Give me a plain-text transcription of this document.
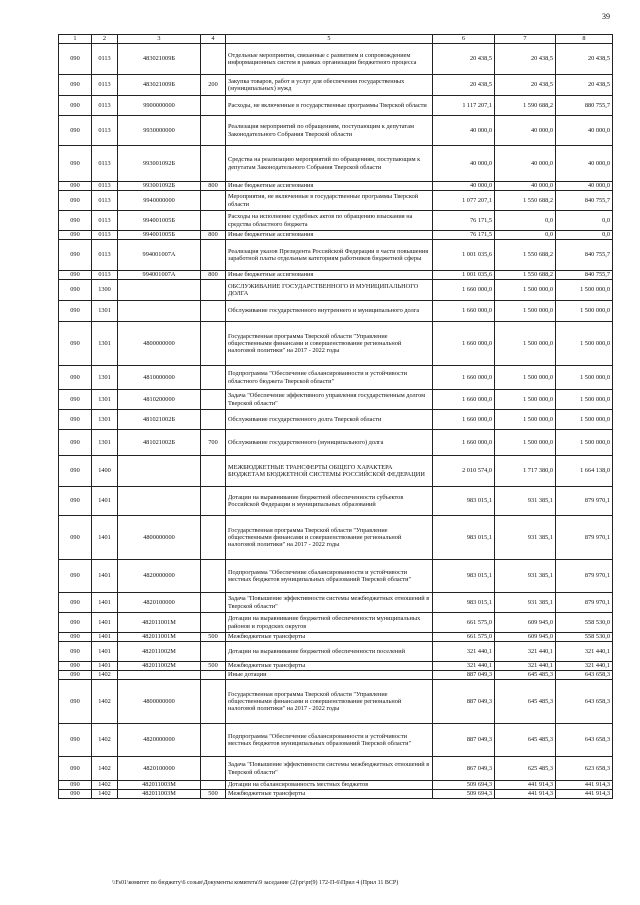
39
1	2	3	4	5	6	7	8
090	0113	483021009Б		Отдельные мероприятия, связанные с развитием и сопровождением информационных систем в рамках организации бюджетного процесса	20 438,5	20 438,5	20 438,5
090	0113	483021009Б	200	Закупка товаров, работ и услуг для обеспечения государственных (муниципальных) нужд	20 438,5	20 438,5	20 438,5
090	0113	9900000000		Расходы, не включенные в государственные программы Тверской области	1 117 207,1	1 590 688,2	880 755,7
090	0113	9930000000		Реализация мероприятий по обращениям, поступающим к депутатам Законодательного Собрания Тверской области	40 000,0	40 000,0	40 000,0
090	0113	993001092Б		Средства на реализацию мероприятий по обращениям, поступающим к депутатам Законодательного Собрания Тверской области	40 000,0	40 000,0	40 000,0
090	0113	993001092Б	800	Иные бюджетные ассигнования	40 000,0	40 000,0	40 000,0
090	0113	9940000000		Мероприятия, не включенные в государственные программы Тверской области	1 077 207,1	1 550 688,2	840 755,7
090	0113	994001005Б		Расходы на исполнение судебных актов по обращению взыскания на средства областного бюджета	76 171,5	0,0	0,0
090	0113	994001005Б	800	Иные бюджетные ассигнования	76 171,5	0,0	0,0
090	0113	994001007А		Реализация указов Президента Российской Федерации в части повышения заработной платы отдельным категориям работников бюджетной сферы	1 001 035,6	1 550 688,2	840 755,7
090	0113	994001007А	800	Иные бюджетные ассигнования	1 001 035,6	1 550 688,2	840 755,7
090	1300			ОБСЛУЖИВАНИЕ ГОСУДАРСТВЕННОГО И МУНИЦИПАЛЬНОГО ДОЛГА	1 660 000,0	1 500 000,0	1 500 000,0
090	1301			Обслуживание государственного внутреннего и муниципального долга	1 660 000,0	1 500 000,0	1 500 000,0
090	1301	4800000000		Государственная программа Тверской области "Управление общественными финансами и совершенствование региональной налоговой политики" на 2017 - 2022 годы	1 660 000,0	1 500 000,0	1 500 000,0
090	1301	4810000000		Подпрограмма "Обеспечение сбалансированности и устойчивости областного бюджета Тверской области"	1 660 000,0	1 500 000,0	1 500 000,0
090	1301	4810200000		Задача "Обеспечение эффективного управления государственным долгом Тверской области"	1 660 000,0	1 500 000,0	1 500 000,0
090	1301	481021002Б		Обслуживание государственного долга Тверской области	1 660 000,0	1 500 000,0	1 500 000,0
090	1301	481021002Б	700	Обслуживание государственного (муниципального) долга	1 660 000,0	1 500 000,0	1 500 000,0
090	1400			МЕЖБЮДЖЕТНЫЕ ТРАНСФЕРТЫ ОБЩЕГО ХАРАКТЕРА БЮДЖЕТАМ БЮДЖЕТНОЙ СИСТЕМЫ РОССИЙСКОЙ ФЕДЕРАЦИИ	2 010 574,0	1 717 380,0	1 664 138,0
090	1401			Дотации на выравнивание бюджетной обеспеченности субъектов Российской Федерации и муниципальных образований	983 015,1	931 385,1	879 970,1
090	1401	4800000000		Государственная программа Тверской области "Управление общественными финансами и совершенствование региональной налоговой политики" на 2017 - 2022 годы	983 015,1	931 385,1	879 970,1
090	1401	4820000000		Подпрограмма "Обеспечение сбалансированности и устойчивости местных бюджетов муниципальных образований Тверской области"	983 015,1	931 385,1	879 970,1
090	1401	4820100000		Задача "Повышение эффективности системы межбюджетных отношений в Тверской области"	983 015,1	931 385,1	879 970,1
090	1401	482011001М		Дотации на выравнивание бюджетной обеспеченности муниципальных районов и городских округов	661 575,0	609 945,0	558 530,0
090	1401	482011001М	500	Межбюджетные трансферты	661 575,0	609 945,0	558 530,0
090	1401	482011002М		Дотации на выравнивание бюджетной обеспеченности поселений	321 440,1	321 440,1	321 440,1
090	1401	482011002М	500	Межбюджетные трансферты	321 440,1	321 440,1	321 440,1
090	1402			Иные дотации	887 049,3	645 485,3	643 658,3
090	1402	4800000000		Государственная программа Тверской области "Управление общественными финансами и совершенствование региональной налоговой политики" на 2017 - 2022 годы	887 049,3	645 485,3	643 658,3
090	1402	4820000000		Подпрограмма "Обеспечение сбалансированности и устойчивости местных бюджетов муниципальных образований Тверской области"	887 049,3	645 485,3	643 658,3
090	1402	4820100000		Задача "Повышение эффективности системы межбюджетных отношений в Тверской области"	867 049,3	625 485,3	623 658,3
090	1402	482011003М		Дотации на сбалансированность местных бюджетов	509 694,3	441 914,3	441 914,3
090	1402	482011003М	500	Межбюджетные трансферты	509 694,3	441 914,3	441 914,3
\\Fs01\комитет по бюджету\6 созыв\Документы комитета\9 заседание (2)\pr\pr(9) 172-П-6\Прил 4 (Прил 11 ВСР)
